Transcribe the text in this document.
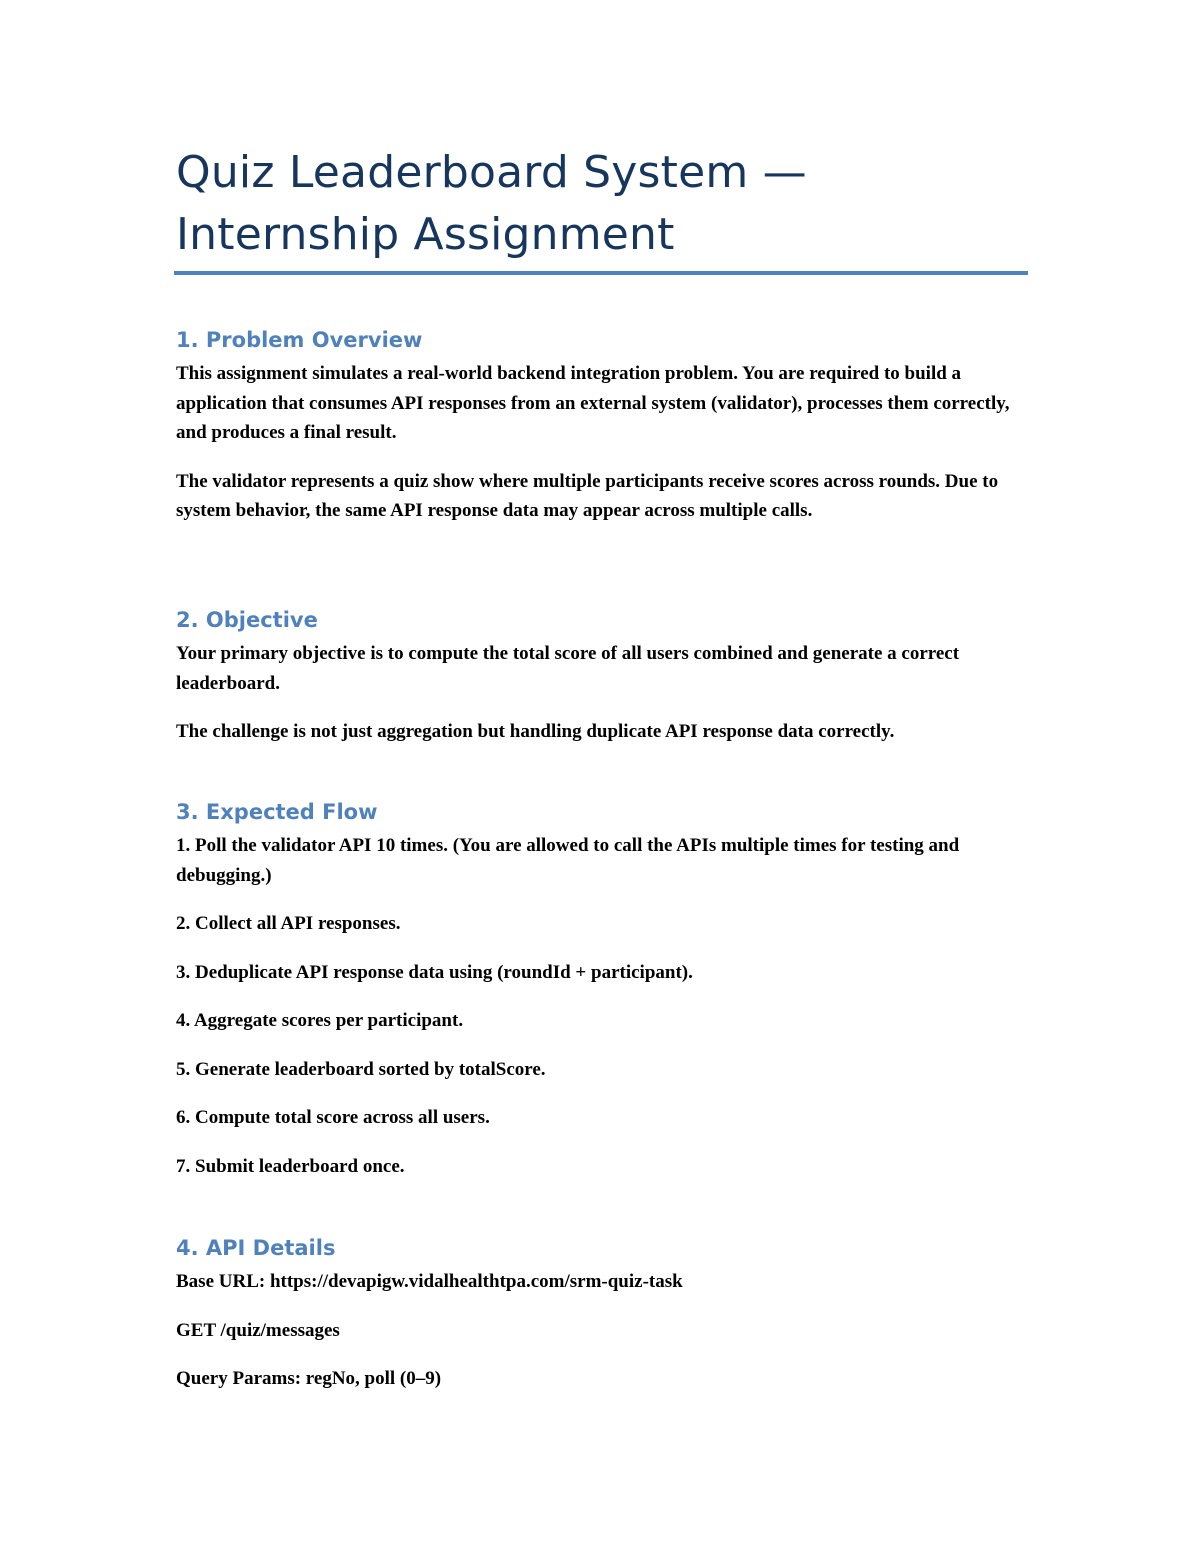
Quiz Leaderboard System — Internship Assignment
1. Problem Overview

This assignment simulates a real-world backend integration problem. You are required to build a application that consumes API responses from an external system (validator), processes them correctly, and produces a final result.

The validator represents a quiz show where multiple participants receive scores across rounds. Due to system behavior, the same API response data may appear across multiple calls.

2. Objective

Your primary objective is to compute the total score of all users combined and generate a correct leaderboard.

The challenge is not just aggregation but handling duplicate API response data correctly.

3. Expected Flow

1. Poll the validator API 10 times. (You are allowed to call the APIs multiple times for testing and debugging.)

2. Collect all API responses.

3. Deduplicate API response data using (roundId + participant).

4. Aggregate scores per participant.

5. Generate leaderboard sorted by totalScore.

6. Compute total score across all users.

7. Submit leaderboard once.

4. API Details

Base URL: https://devapigw.vidalhealthtpa.com/srm-quiz-task

GET /quiz/messages

Query Params: regNo, poll (0–9)
